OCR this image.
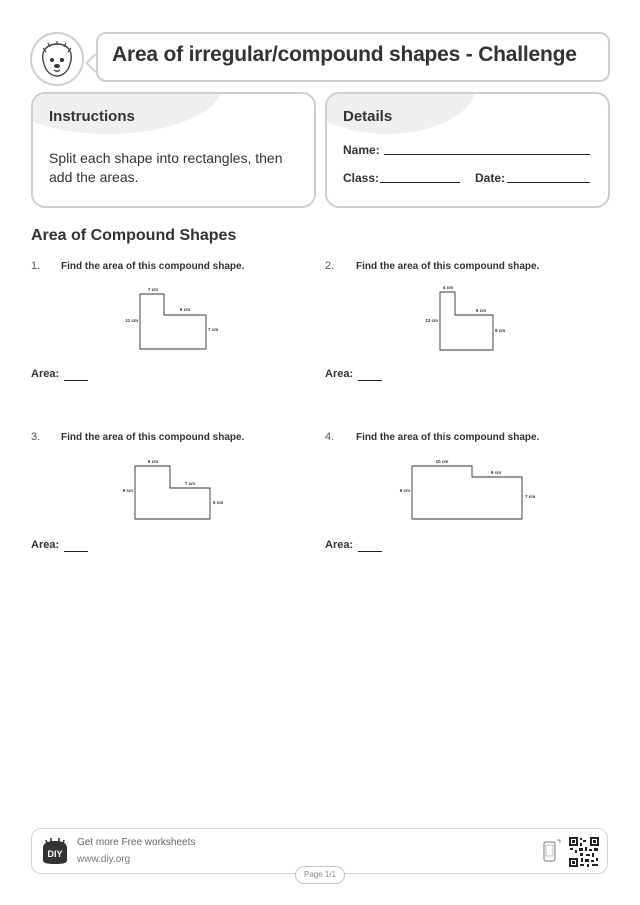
Area of irregular/compound shapes - Challenge
Instructions
Split each shape into rectangles, then add the areas.
Details
Name:
Class:	Date:
Area of Compound Shapes
1. Find the area of this compound shape.
7 cm
6 cm
11 cm
7 cm
Area:
2. Find the area of this compound shape.
4 cm
6 cm
13 cm
8 cm
Area:
3. Find the area of this compound shape.
6 cm
7 cm
9 cm
5 cm
Area:
4. Find the area of this compound shape.
10 cm
9 cm
9 cm
7 cm
Area:
DIY
Get more Free worksheets
www.diy.org
Page 1/1
